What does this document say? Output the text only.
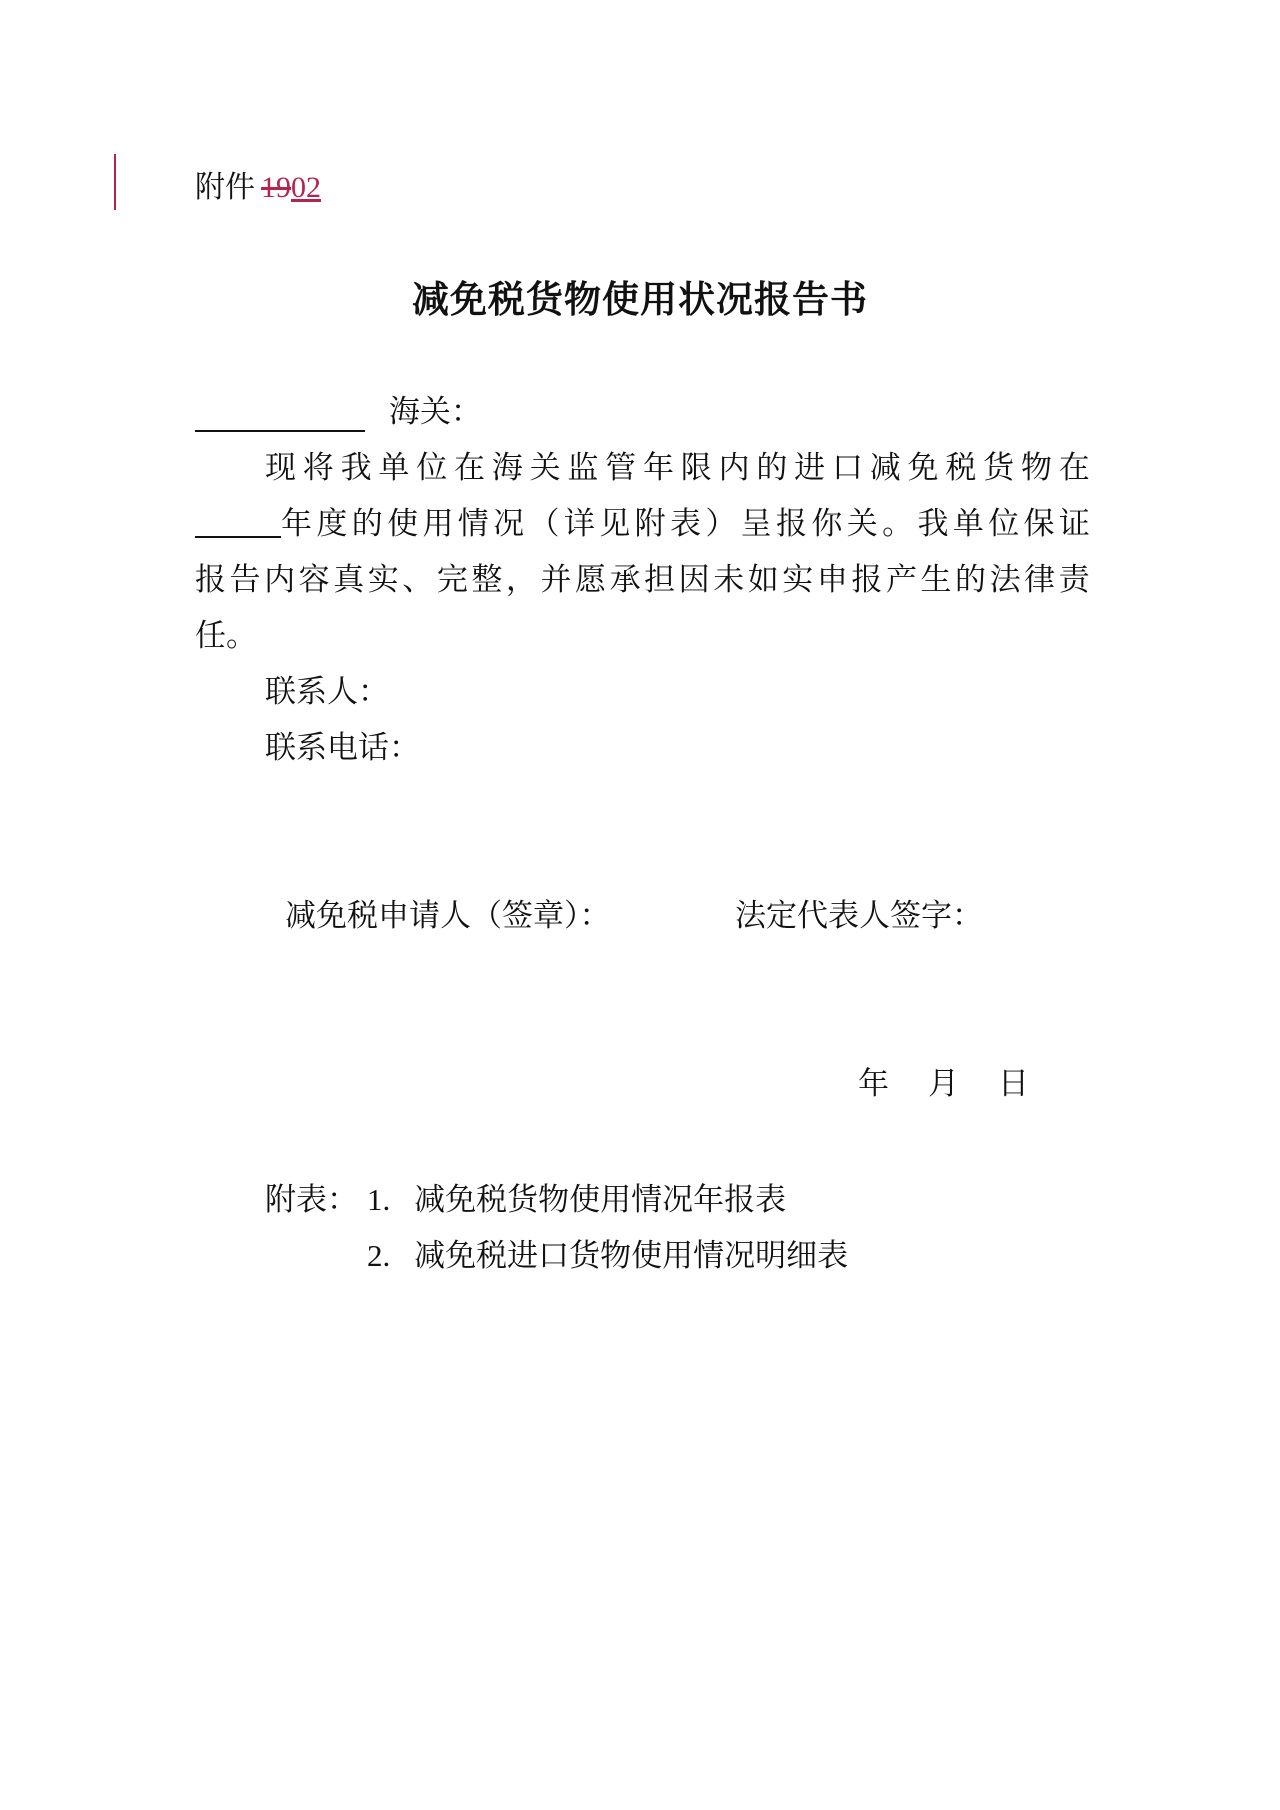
附件 1902
减免税货物使用状况报告书
海关：
现 将 我 单 位 在 海 关 监 管 年 限 内 的 进 口 减 免 税 货 物 在
年 度 的 使 用 情 况 （ 详 见 附 表 ） 呈 报 你 关 。 我 单 位 保 证
报 告 内 容 真 实 、 完 整 ， 并 愿 承 担 因 未 如 实 申 报 产 生 的 法 律 责
任。
联系人：
联系电话：
减免税申请人（签章）：	法定代表人签字：
年 月 日
附表： 1. 减免税货物使用情况年报表
2. 减免税进口货物使用情况明细表
